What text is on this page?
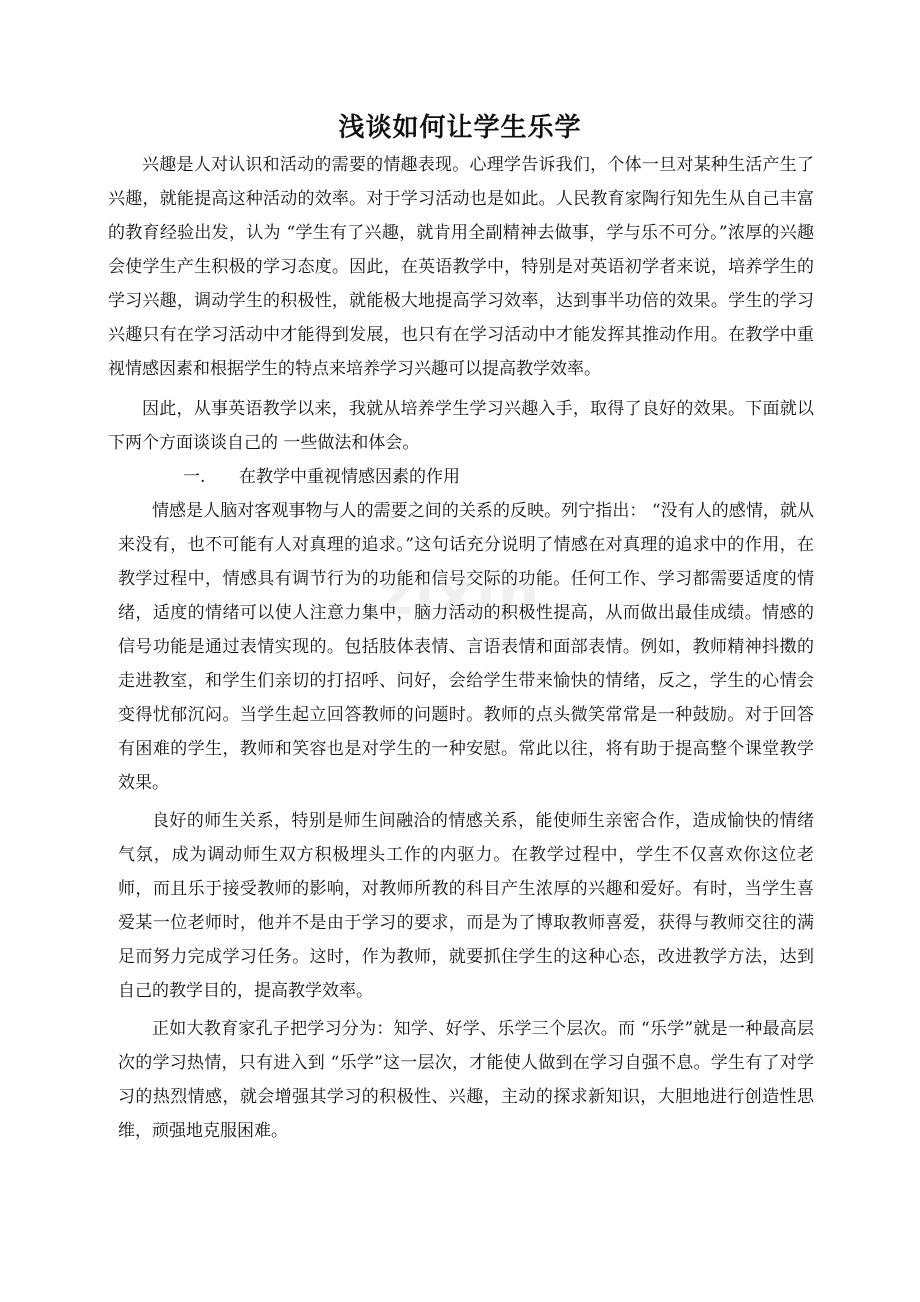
zixin
浅谈如何让学生乐学

兴趣是人对认识和活动的需要的情趣表现。心理学告诉我们，个体一旦对某种生活产生了兴趣，就能提高这种活动的效率。对于学习活动也是如此。人民教育家陶行知先生从自己丰富的教育经验出发，认为 “学生有了兴趣，就肯用全副精神去做事，学与乐不可分。”浓厚的兴趣会使学生产生积极的学习态度。因此，在英语教学中，特别是对英语初学者来说，培养学生的学习兴趣，调动学生的积极性，就能极大地提高学习效率，达到事半功倍的效果。学生的学习兴趣只有在学习活动中才能得到发展，也只有在学习活动中才能发挥其推动作用。在教学中重视情感因素和根据学生的特点来培养学习兴趣可以提高教学效率。

因此，从事英语教学以来，我就从培养学生学习兴趣入手，取得了良好的效果。下面就以下两个方面谈谈自己的 一些做法和体会。

一. 在教学中重视情感因素的作用

情感是人脑对客观事物与人的需要之间的关系的反映。列宁指出： “没有人的感情，就从来没有，也不可能有人对真理的追求。”这句话充分说明了情感在对真理的追求中的作用，在教学过程中，情感具有调节行为的功能和信号交际的功能。任何工作、学习都需要适度的情绪，适度的情绪可以使人注意力集中，脑力活动的积极性提高，从而做出最佳成绩。情感的信号功能是通过表情实现的。包括肢体表情、言语表情和面部表情。例如，教师精神抖擞的走进教室，和学生们亲切的打招呼、问好，会给学生带来愉快的情绪，反之，学生的心情会变得忧郁沉闷。当学生起立回答教师的问题时。教师的点头微笑常常是一种鼓励。对于回答有困难的学生，教师和笑容也是对学生的一种安慰。常此以往，将有助于提高整个课堂教学效果。

良好的师生关系，特别是师生间融洽的情感关系，能使师生亲密合作，造成愉快的情绪气氛，成为调动师生双方积极埋头工作的内驱力。在教学过程中，学生不仅喜欢你这位老师，而且乐于接受教师的影响，对教师所教的科目产生浓厚的兴趣和爱好。有时，当学生喜爱某一位老师时，他并不是由于学习的要求，而是为了博取教师喜爱，获得与教师交往的满足而努力完成学习任务。这时，作为教师，就要抓住学生的这种心态，改进教学方法，达到自己的教学目的，提高教学效率。

正如大教育家孔子把学习分为：知学、好学、乐学三个层次。而 “乐学”就是一种最高层次的学习热情，只有进入到 “乐学”这一层次，才能使人做到在学习自强不息。学生有了对学习的热烈情感，就会增强其学习的积极性、兴趣，主动的探求新知识，大胆地进行创造性思维，顽强地克服困难。
